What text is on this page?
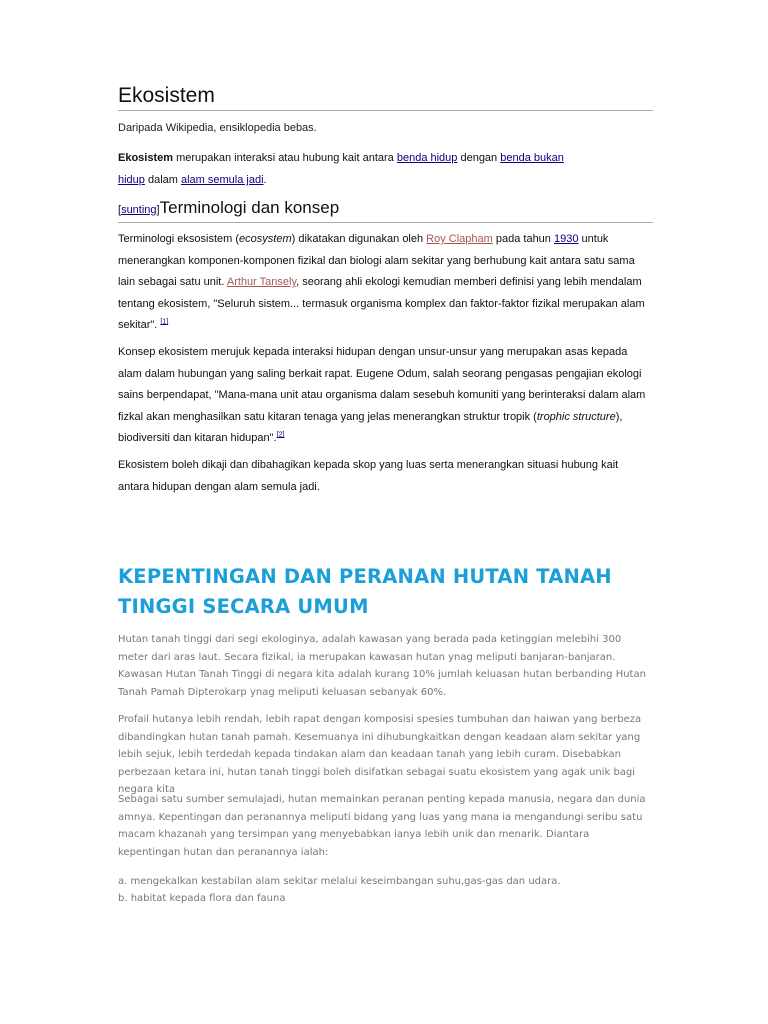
Ekosistem

Daripada Wikipedia, ensiklopedia bebas.

Ekosistem merupakan interaksi atau hubung kait antara benda hidup dengan benda bukan
hidup dalam alam semula jadi.

[sunting]Terminologi dan konsep

Terminologi eksosistem (ecosystem) dikatakan digunakan oleh Roy Clapham pada tahun 1930 untuk menerangkan komponen-komponen fizikal dan biologi alam sekitar yang berhubung kait antara satu sama lain sebagai satu unit. Arthur Tansely, seorang ahli ekologi kemudian memberi definisi yang lebih mendalam tentang ekosistem, "Seluruh sistem... termasuk organisma komplex dan faktor-faktor fizikal merupakan alam sekitar". [1]

Konsep ekosistem merujuk kepada interaksi hidupan dengan unsur-unsur yang merupakan asas kepada alam dalam hubungan yang saling berkait rapat. Eugene Odum, salah seorang pengasas pengajian ekologi sains berpendapat, "Mana-mana unit atau organisma dalam sesebuh komuniti yang berinteraksi dalam alam fizkal akan menghasilkan satu kitaran tenaga yang jelas menerangkan struktur tropik (trophic structure), biodiversiti dan kitaran hidupan".[2]

Ekosistem boleh dikaji dan dibahagikan kepada skop yang luas serta menerangkan situasi hubung kait antara hidupan dengan alam semula jadi.

KEPENTINGAN DAN PERANAN HUTAN TANAH TINGGI SECARA UMUM

Hutan tanah tinggi dari segi ekologinya, adalah kawasan yang berada pada ketinggian melebihi 300 meter dari aras laut. Secara fizikal, ia merupakan kawasan hutan ynag meliputi banjaran-banjaran. Kawasan Hutan Tanah Tinggi di negara kita adalah kurang 10% jumlah keluasan hutan berbanding Hutan Tanah Pamah Dipterokarp ynag meliputi keluasan sebanyak 60%.

Profail hutanya lebih rendah, lebih rapat dengan komposisi spesies tumbuhan dan haiwan yang berbeza dibandingkan hutan tanah pamah. Kesemuanya ini dihubungkaitkan dengan keadaan alam sekitar yang lebih sejuk, lebih terdedah kepada tindakan alam dan keadaan tanah yang lebih curam. Disebabkan perbezaan ketara ini, hutan tanah tinggi boleh disifatkan sebagai suatu ekosistem yang agak unik bagi negara kita

Sebagai satu sumber semulajadi, hutan memainkan peranan penting kepada manusia, negara dan dunia amnya. Kepentingan dan peranannya meliputi bidang yang luas yang mana ia mengandungi seribu satu macam khazanah yang tersimpan yang menyebabkan ianya lebih unik dan menarik. Diantara kepentingan hutan dan peranannya ialah:

a. mengekalkan kestabilan alam sekitar melalui keseimbangan suhu,gas-gas dan udara.

b. habitat kepada flora dan fauna
